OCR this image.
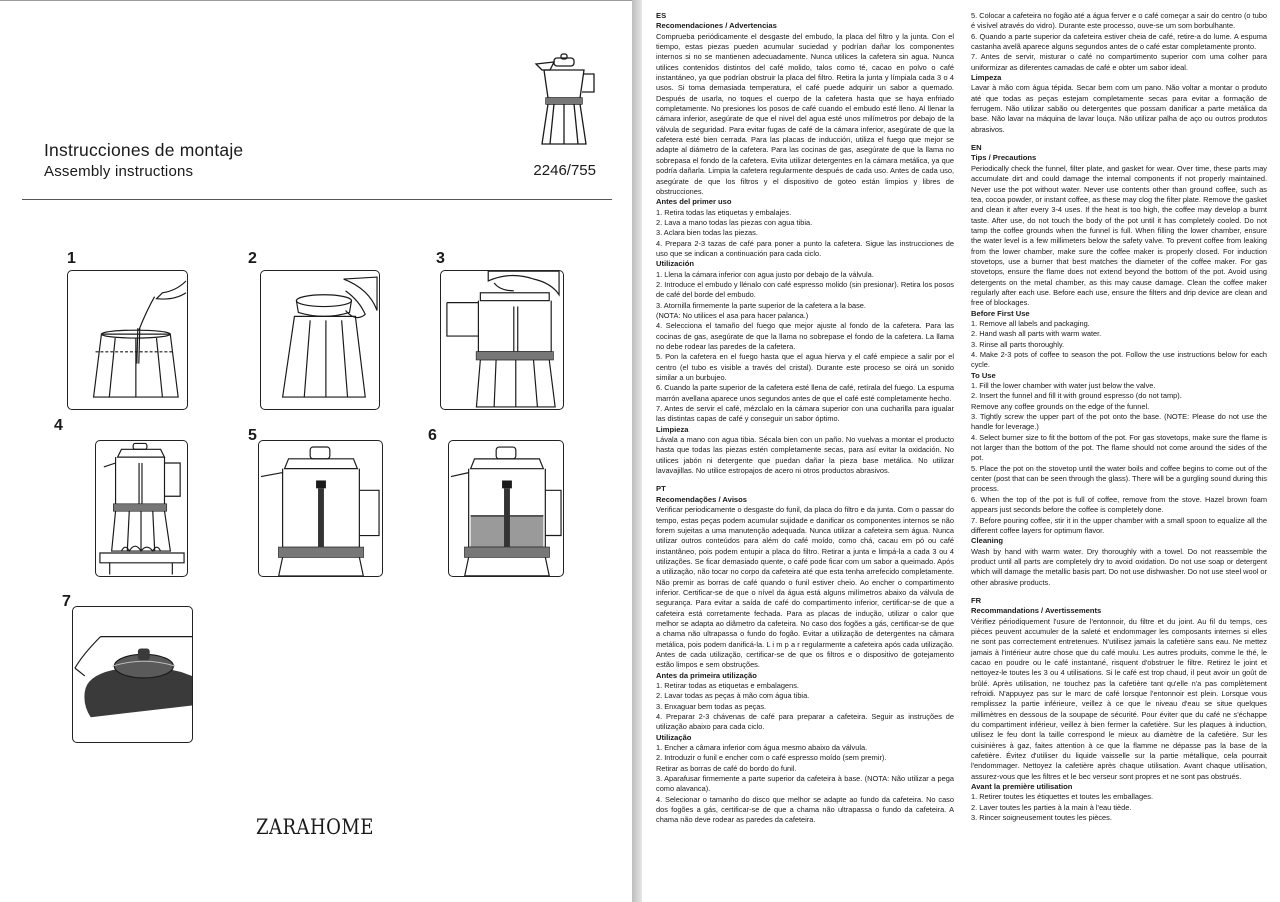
Instrucciones de montaje
Assembly instructions	2246/755
1	2	3
4
5	6
7
ZARAHOME
ES
Recomendaciones / Advertencias

Comprueba periódicamente el desgaste del embudo, la placa del filtro y la junta. Con el tiempo, estas piezas pueden acumular suciedad y podrían dañar los componentes internos si no se mantienen adecuadamente. Nunca utilices la cafetera sin agua. Nunca utilices contenidos distintos del café molido, talos como té, cacao en polvo o café instantáneo, ya que podrían obstruir la placa del filtro. Retira la junta y límpiala cada 3 o 4 usos. Si toma demasiada temperatura, el café puede adquirir un sabor a quemado. Después de usarla, no toques el cuerpo de la cafetera hasta que se haya enfriado completamente. No presiones los posos de café cuando el embudo esté lleno. Al llenar la cámara inferior, asegúrate de que el nivel del agua esté unos milímetros por debajo de la válvula de seguridad. Para evitar fugas de café de la cámara inferior, asegúrate de que la cafetera esté bien cerrada. Para las placas de inducción, utiliza el fuego que mejor se adapte al diámetro de la cafetera. Para las cocinas de gas, asegúrate de que la llama no sobrepasa el fondo de la cafetera. Evita utilizar detergentes en la cámara metálica, ya que podría dañarla. Limpia la cafetera regularmente después de cada uso. Antes de cada uso, asegúrate de que los filtros y el dispositivo de goteo están limpios y libres de obstrucciones.

Antes del primer uso

1. Retira todas las etiquetas y embalajes.

2. Lava a mano todas las piezas con agua tibia.

3. Aclara bien todas las piezas.

4. Prepara 2-3 tazas de café para poner a punto la cafetera. Sigue las instrucciones de uso que se indican a continuación para cada ciclo.

Utilización

1. Llena la cámara inferior con agua justo por debajo de la válvula.

2. Introduce el embudo y llénalo con café espresso molido (sin presionar). Retira los posos de café del borde del embudo.

3. Atornilla firmemente la parte superior de la cafetera a la base.

(NOTA: No utilices el asa para hacer palanca.)

4. Selecciona el tamaño del fuego que mejor ajuste al fondo de la cafetera. Para las cocinas de gas, asegúrate de que la llama no sobrepase el fondo de la cafetera. La llama no debe rodear las paredes de la cafetera.

5. Pon la cafetera en el fuego hasta que el agua hierva y el café empiece a salir por el centro (el tubo es visible a través del cristal). Durante este proceso se oirá un sonido similar a un burbujeo.

6. Cuando la parte superior de la cafetera esté llena de café, retírala del fuego. La espuma marrón avellana aparece unos segundos antes de que el café esté completamente hecho.

7. Antes de servir el café, mézclalo en la cámara superior con una cucharilla para igualar las distintas capas de café y conseguir un sabor óptimo.

Limpieza

Lávala a mano con agua tibia. Sécala bien con un paño. No vuelvas a montar el producto hasta que todas las piezas estén completamente secas, para así evitar la oxidación. No utilices jabón ni detergente que puedan dañar la pieza base metálica. No utilizar lavavajillas. No utilice estropajos de acero ni otros productos abrasivos.

PT
Recomendações / Avisos

Verificar periodicamente o desgaste do funil, da placa do filtro e da junta. Com o passar do tempo, estas peças podem acumular sujidade e danificar os componentes internos se não forem sujeitas a uma manutenção adequada. Nunca utilizar a cafeteira sem água. Nunca utilizar outros conteúdos para além do café moído, como chá, cacau em pó ou café instantâneo, pois podem entupir a placa do filtro. Retirar a junta e limpá-la a cada 3 ou 4 utilizações. Se ficar demasiado quente, o café pode ficar com um sabor a queimado. Após a utilização, não tocar no corpo da cafeteira até que esta tenha arrefecido completamente. Não premir as borras de café quando o funil estiver cheio. Ao encher o compartimento inferior. Certificar-se de que o nível da água está alguns milímetros abaixo da válvula de segurança. Para evitar a saída de café do compartimento inferior, certificar-se de que a cafeteira está corretamente fechada. Para as placas de indução, utilizar o calor que melhor se adapta ao diâmetro da cafeteira. No caso dos fogões a gás, certificar-se de que a chama não ultrapassa o fundo do fogão. Evitar a utilização de detergentes na câmara metálica, pois podem danificá-la. L i m p a r regularmente a cafeteira após cada utilização. Antes de cada utilização, certificar-se de que os filtros e o dispositivo de gotejamento estão limpos e sem obstruções.

Antes da primeira utilização

1. Retirar todas as etiquetas e embalagens.

2. Lavar todas as peças à mão com água tibia.

3. Enxaguar bem todas as peças.

4. Preparar 2-3 chávenas de café para preparar a cafeteira. Seguir as instruções de utilização abaixo para cada ciclo.

Utilização

1. Encher a câmara inferior com água mesmo abaixo da válvula.

2. Introduzir o funil e encher com o café espresso moído (sem premir).

Retirar as borras de café do bordo do funil.

3. Aparafusar firmemente a parte superior da cafeteira à base. (NOTA: Não utilizar a pega como alavanca).

4. Selecionar o tamanho do disco que melhor se adapte ao fundo da cafeteira. No caso dos fogões a gás, certificar-se de que a chama não ultrapassa o fundo da cafeteira. A chama não deve rodear as paredes da cafeteira.

5. Colocar a cafeteira no fogão até a água ferver e o café começar a sair do centro (o tubo é visível através do vidro). Durante este processo, ouve-se um som borbulhante.

6. Quando a parte superior da cafeteira estiver cheia de café, retire-a do lume. A espuma castanha avelã aparece alguns segundos antes de o café estar completamente pronto.

7. Antes de servir, misturar o café no compartimento superior com uma colher para uniformizar as diferentes camadas de café e obter um sabor ideal.

Limpeza

Lavar à mão com água tépida. Secar bem com um pano. Não voltar a montar o produto até que todas as peças estejam completamente secas para evitar a formação de ferrugem. Não utilizar sabão ou detergentes que possam danificar a parte metálica da base. Não lavar na máquina de lavar louça. Não utilizar palha de aço ou outros produtos abrasivos.

EN
Tips / Precautions

Periodically check the funnel, filter plate, and gasket for wear. Over time, these parts may accumulate dirt and could damage the internal components if not properly maintained. Never use the pot without water. Never use contents other than ground coffee, such as tea, cocoa powder, or instant coffee, as these may clog the filter plate. Remove the gasket and clean it after every 3-4 uses. If the heat is too high, the coffee may develop a burnt taste. After use, do not touch the body of the pot until it has completely cooled. Do not tamp the coffee grounds when the funnel is full. When filling the lower chamber, ensure the water level is a few millimeters below the safety valve. To prevent coffee from leaking from the lower chamber, make sure the coffee maker is properly closed. For induction stovetops, use a burner that best matches the diameter of the coffee maker. For gas stovetops, ensure the flame does not extend beyond the bottom of the pot. Avoid using detergents on the metal chamber, as this may cause damage. Clean the coffee maker regularly after each use. Before each use, ensure the filters and drip device are clean and free of blockages.

Before First Use

1. Remove all labels and packaging.

2. Hand wash all parts with warm water.

3. Rinse all parts thoroughly.

4. Make 2-3 pots of coffee to season the pot. Follow the use instructions below for each cycle.

To Use

1. Fill the lower chamber with water just below the valve.

2. Insert the funnel and fill it with ground espresso (do not tamp).

Remove any coffee grounds on the edge of the funnel.

3. Tightly screw the upper part of the pot onto the base. (NOTE: Please do not use the handle for leverage.)

4. Select burner size to fit the bottom of the pot. For gas stovetops, make sure the flame is not larger than the bottom of the pot. The flame should not come around the sides of the pot.

5. Place the pot on the stovetop until the water boils and coffee begins to come out of the center (post that can be seen through the glass). There will be a gurgling sound during this process.

6. When the top of the pot is full of coffee, remove from the stove. Hazel brown foam appears just seconds before the coffee is completely done.

7. Before pouring coffee, stir it in the upper chamber with a small spoon to equalize all the different coffee layers for optimum flavor.

Cleaning

Wash by hand with warm water. Dry thoroughly with a towel. Do not reassemble the product until all parts are completely dry to avoid oxidation. Do not use soap or detergent which will damage the metallic basis part. Do not use dishwasher. Do not use steel wool or other abrasive products.

FR
Recommandations / Avertissements

Vérifiez périodiquement l'usure de l'entonnoir, du filtre et du joint. Au fil du temps, ces pièces peuvent accumuler de la saleté et endommager les composants internes si elles ne sont pas correctement entretenues. N'utilisez jamais la cafetière sans eau. Ne mettez jamais à l'intérieur autre chose que du café moulu. Les autres produits, comme le thé, le cacao en poudre ou le café instantané, risquent d'obstruer le filtre. Retirez le joint et nettoyez-le toutes les 3 ou 4 utilisations. Si le café est trop chaud, il peut avoir un goût de brûlé. Après utilisation, ne touchez pas la cafetière tant qu'elle n'a pas complètement refroidi. N'appuyez pas sur le marc de café lorsque l'entonnoir est plein. Lorsque vous remplissez la partie inférieure, veillez à ce que le niveau d'eau se situe quelques millimètres en dessous de la soupape de sécurité. Pour éviter que du café ne s'échappe du compartiment inférieur, veillez à bien fermer la cafetière. Sur les plaques à induction, utilisez le feu dont la taille correspond le mieux au diamètre de la cafetière. Sur les cuisinières à gaz, faites attention à ce que la flamme ne dépasse pas la base de la cafetière. Évitez d'utiliser du liquide vaisselle sur la partie métallique, cela pourrait l'endommager. Nettoyez la cafetière après chaque utilisation. Avant chaque utilisation, assurez-vous que les filtres et le bec verseur sont propres et ne sont pas obstrués.

Avant la première utilisation

1. Retirer toutes les étiquettes et toutes les emballages.

2. Laver toutes les parties à la main à l'eau tiède.

3. Rincer soigneusement toutes les pièces.
